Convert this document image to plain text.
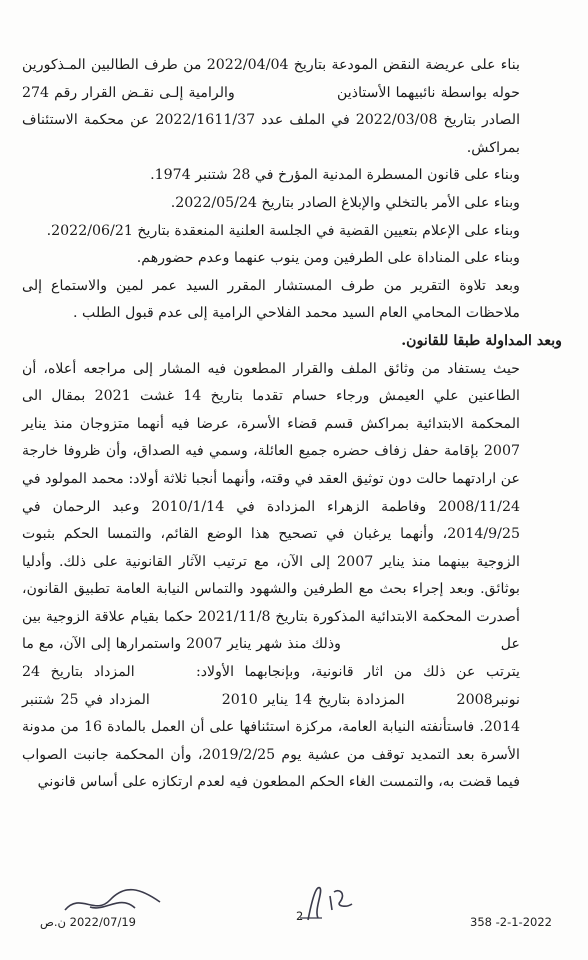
بناء على عريضة النقض المودعة بتاريخ 2022/04/04 من طرف الطالبين المـذكورين حوله بواسطة نائبيهما الأستاذين  والرامية إلـى نقـض القرار رقم 274 الصادر بتاريخ 2022/03/08 في الملف عدد 2022/1611/37 عن محكمة الاستئناف بمراكش.

وبناء على قانون المسطرة المدنية المؤرخ في 28 شتنبر 1974.

وبناء على الأمر بالتخلي والإبلاغ الصادر بتاريخ 2022/05/24.

وبناء على الإعلام بتعيين القضية في الجلسة العلنية المنعقدة بتاريخ 2022/06/21.

وبناء على المناداة على الطرفين ومن ينوب عنهما وعدم حضورهم.

وبعد تلاوة التقرير من طرف المستشار المقرر السيد عمر لمين والاستماع إلى ملاحظات المحامي العام السيد محمد الفلاحي الرامية إلى عدم قبول الطلب .

وبعد المداولة طبقا للقانون.

حيث يستفاد من وثائق الملف والقرار المطعون فيه المشار إلى مراجعه أعلاه، أن الطاعنين علي العيمش ورجاء حسام تقدما بتاريخ 14 غشت 2021 بمقال الى المحكمة الابتدائية بمراكش قسم قضاء الأسرة، عرضا فيه أنهما متزوجان منذ يناير 2007 بإقامة حفل زفاف حضره جميع العائلة، وسمي فيه الصداق، وأن ظروفا خارجة عن ارادتهما حالت دون توثيق العقد في وقته، وأنهما أنجبا ثلاثة أولاد: محمد المولود في 2008/11/24 وفاطمة الزهراء المزدادة في 2010/1/14 وعبد الرحمان في 2014/9/25، وأنهما يرغبان في تصحيح هذا الوضع القائم، والتمسا الحكم بثبوت الزوجية بينهما منذ يناير 2007 إلى الآن، مع ترتيب الآثار القانونية على ذلك. وأدليا بوثائق. وبعد إجراء بحث مع الطرفين والشهود والتماس النيابة العامة تطبيق القانون، أصدرت المحكمة الابتدائية المذكورة بتاريخ 2021/11/8 حكما بقيام علاقة الزوجية بين عل  وذلك منذ شهر يناير 2007 واستمرارها إلى الآن، مع ما يترتب عن ذلك من اثار قانونية، وبإنجابهما الأولاد:  المزداد بتاريخ 24 نونبر2008  المزدادة بتاريخ 14 يناير 2010  المزداد في 25 شتنبر 2014. فاستأنفته النيابة العامة، مركزة استئنافها على أن العمل بالمادة 16 من مدونة الأسرة بعد التمديد توقف من عشية يوم 2019/2/25، وأن المحكمة جانبت الصواب فيما قضت به، والتمست الغاء الحكم المطعون فيه لعدم ارتكازه على أساس قانوني

2022/07/19 ن.ص	2	358 -2-1-2022
